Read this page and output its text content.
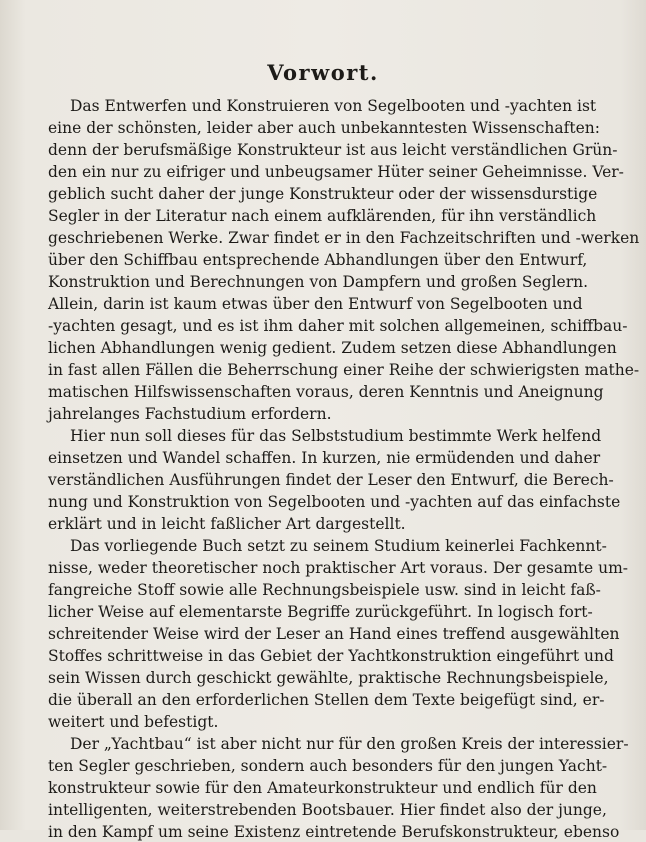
Vorwort.
Das Entwerfen und Konstruieren von Segelbooten und -yachten ist
eine der schönsten, leider aber auch unbekanntesten Wissenschaften:
denn der berufsmäßige Konstrukteur ist aus leicht verständlichen Grün-
den ein nur zu eifriger und unbeugsamer Hüter seiner Geheimnisse. Ver-
geblich sucht daher der junge Konstrukteur oder der wissensdurstige
Segler in der Literatur nach einem aufklärenden, für ihn verständlich
geschriebenen Werke. Zwar findet er in den Fachzeitschriften und -werken
über den Schiffbau entsprechende Abhandlungen über den Entwurf,
Konstruktion und Berechnungen von Dampfern und großen Seglern.
Allein, darin ist kaum etwas über den Entwurf von Segelbooten und
-yachten gesagt, und es ist ihm daher mit solchen allgemeinen, schiffbau-
lichen Abhandlungen wenig gedient. Zudem setzen diese Abhandlungen
in fast allen Fällen die Beherrschung einer Reihe der schwierigsten mathe-
matischen Hilfswissenschaften voraus, deren Kenntnis und Aneignung
jahrelanges Fachstudium erfordern.
Hier nun soll dieses für das Selbststudium bestimmte Werk helfend
einsetzen und Wandel schaffen. In kurzen, nie ermüdenden und daher
verständlichen Ausführungen findet der Leser den Entwurf, die Berech-
nung und Konstruktion von Segelbooten und -yachten auf das einfachste
erklärt und in leicht faßlicher Art dargestellt.
Das vorliegende Buch setzt zu seinem Studium keinerlei Fachkennt-
nisse, weder theoretischer noch praktischer Art voraus. Der gesamte um-
fangreiche Stoff sowie alle Rechnungsbeispiele usw. sind in leicht faß-
licher Weise auf elementarste Begriffe zurückgeführt. In logisch fort-
schreitender Weise wird der Leser an Hand eines treffend ausgewählten
Stoffes schrittweise in das Gebiet der Yachtkonstruktion eingeführt und
sein Wissen durch geschickt gewählte, praktische Rechnungsbeispiele,
die überall an den erforderlichen Stellen dem Texte beigefügt sind, er-
weitert und befestigt.
Der „Yachtbau“ ist aber nicht nur für den großen Kreis der interessier-
ten Segler geschrieben, sondern auch besonders für den jungen Yacht-
konstrukteur sowie für den Amateurkonstrukteur und endlich für den
intelligenten, weiterstrebenden Bootsbauer. Hier findet also der junge,
in den Kampf um seine Existenz eintretende Berufskonstrukteur, ebenso
